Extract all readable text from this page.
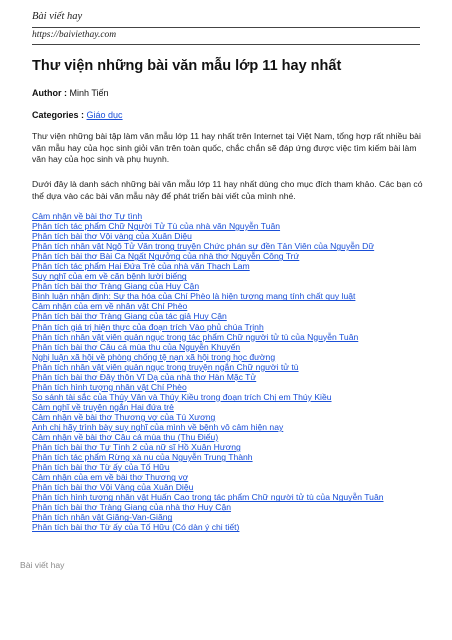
Bài viết hay
https://baiviethay.com
Thư viện những bài văn mẫu lớp 11 hay nhất
Author : Minh Tiến
Categories : Giáo dục
Thư viện những bài tập làm văn mẫu lớp 11 hay nhất trên Internet tại Việt Nam, tổng hợp rất nhiều bài văn mẫu hay của học sinh giỏi văn trên toàn quốc, chắc chắn sẽ đáp ứng được việc tìm kiếm bài làm văn hay của học sinh và phụ huynh.
Dưới đây là danh sách những bài văn mẫu lớp 11 hay nhất dùng cho mục đích tham khảo. Các bạn có thể dựa vào các bài văn mẫu này để phát triển bài viết của mình nhé.
Cảm nhận về bài thơ Tự tình
Phân tích tác phẩm Chữ Người Tử Tù của nhà văn Nguyễn Tuân
Phân tích bài thơ Vội vàng của Xuân Diệu
Phân tích nhân vật Ngô Tử Văn trong truyện Chức phán sự đền Tản Viên của Nguyễn Dữ
Phân tích bài thơ Bài Ca Ngất Ngưởng của nhà thơ Nguyễn Công Trứ
Phân tích tác phẩm Hai Đứa Trẻ của nhà văn Thạch Lam
Suy nghĩ của em về căn bệnh lười biếng
Phân tích bài thơ Tràng Giang của Huy Cận
Bình luận nhận định: Sự tha hóa của Chí Phèo là hiện tượng mang tính chất quy luật
Cảm nhận của em về nhân vật Chí Phèo
Phân tích bài thơ Tràng Giang của tác giả Huy Cận
Phân tích giá trị hiện thực của đoạn trích Vào phủ chúa Trịnh
Phân tích nhân vật viên quản ngục trong tác phẩm Chữ người tử tù của Nguyễn Tuân
Phân tích bài thơ Câu cá mùa thu của Nguyễn Khuyến
Nghị luận xã hội về phòng chống tệ nạn xã hội trong học đường
Phân tích nhân vật viên quản ngục trong truyện ngắn Chữ người tử tù
Phân tích bài thơ Đây thôn Vĩ Dạ của nhà thơ Hàn Mặc Tử
Phân tích hình tượng nhân vật Chí Phèo
So sánh tài sắc của Thúy Vân và Thúy Kiều trong đoạn trích Chị em Thúy Kiều
Cảm nghĩ về truyện ngắn Hai đứa trẻ
Cảm nhận về bài thơ Thương vợ của Tú Xương
Anh chị hãy trình bày suy nghĩ của mình về bệnh vô cảm hiện nay
Cảm nhận về bài thơ Câu cá mùa thu (Thu Điếu)
Phân tích bài thơ Tự Tình 2 của nữ sĩ Hồ Xuân Hương
Phân tích tác phẩm Rừng xà nu của Nguyễn Trung Thành
Phân tích bài thơ Từ ấy của Tố Hữu
Cảm nhận của em về bài thơ Thương vợ
Phân tích bài thơ Vội Vàng của Xuân Diệu
Phân tích hình tượng nhân vật Huấn Cao trong tác phẩm Chữ người tử tù của Nguyễn Tuân
Phân tích bài thơ Tràng Giang của nhà thơ Huy Cận
Phân tích nhân vật Giăng-Van-Giăng
Phân tích bài thơ Từ ấy của Tố Hữu (Có dàn ý chi tiết)
Bài viết hay
